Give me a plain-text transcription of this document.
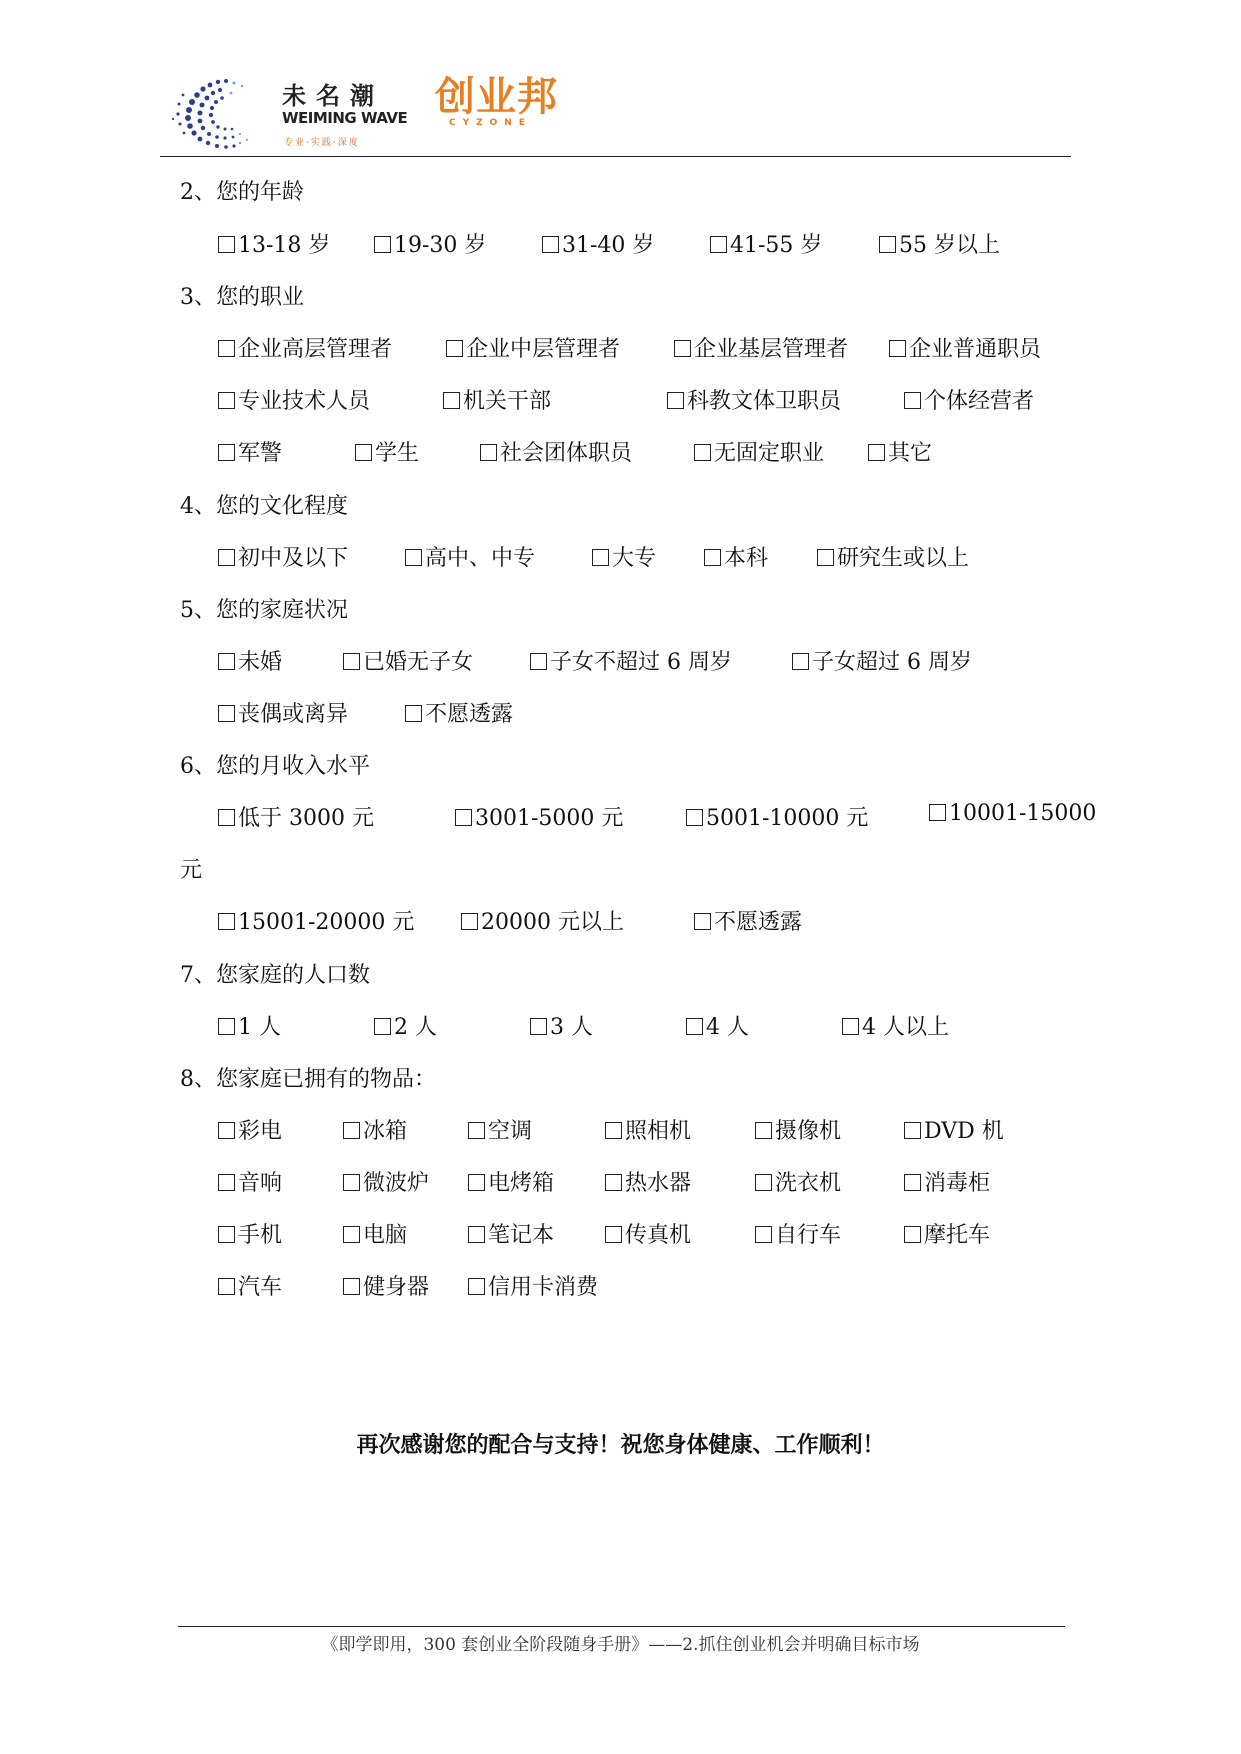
未名潮
WEIMING WAVE
专业·实践·深度
创业邦
CYZONE
2、您的年龄
13-18 岁	19-30 岁	31-40 岁	41-55 岁	55 岁以上
3、您的职业
企业高层管理者	企业中层管理者	企业基层管理者	企业普通职员
专业技术人员	机关干部	科教文体卫职员	个体经营者
军警	学生	社会团体职员	无固定职业	其它
4、您的文化程度
初中及以下	高中、中专	大专	本科	研究生或以上
5、您的家庭状况
未婚	已婚无子女	子女不超过 6 周岁	子女超过 6 周岁
丧偶或离异	不愿透露
6、您的月收入水平
低于 3000 元	3001-5000 元	5001-10000 元	10001-15000
元
15001-20000 元	20000 元以上	不愿透露
7、您家庭的人口数
1 人	2 人	3 人	4 人	4 人以上
8、您家庭已拥有的物品：
彩电	冰箱	空调	照相机	摄像机	DVD 机
音响	微波炉	电烤箱	热水器	洗衣机	消毒柜
手机	电脑	笔记本	传真机	自行车	摩托车
汽车	健身器	信用卡消费
再次感谢您的配合与支持！祝您身体健康、工作顺利！
《即学即用，300 套创业全阶段随身手册》——2.抓住创业机会并明确目标市场
